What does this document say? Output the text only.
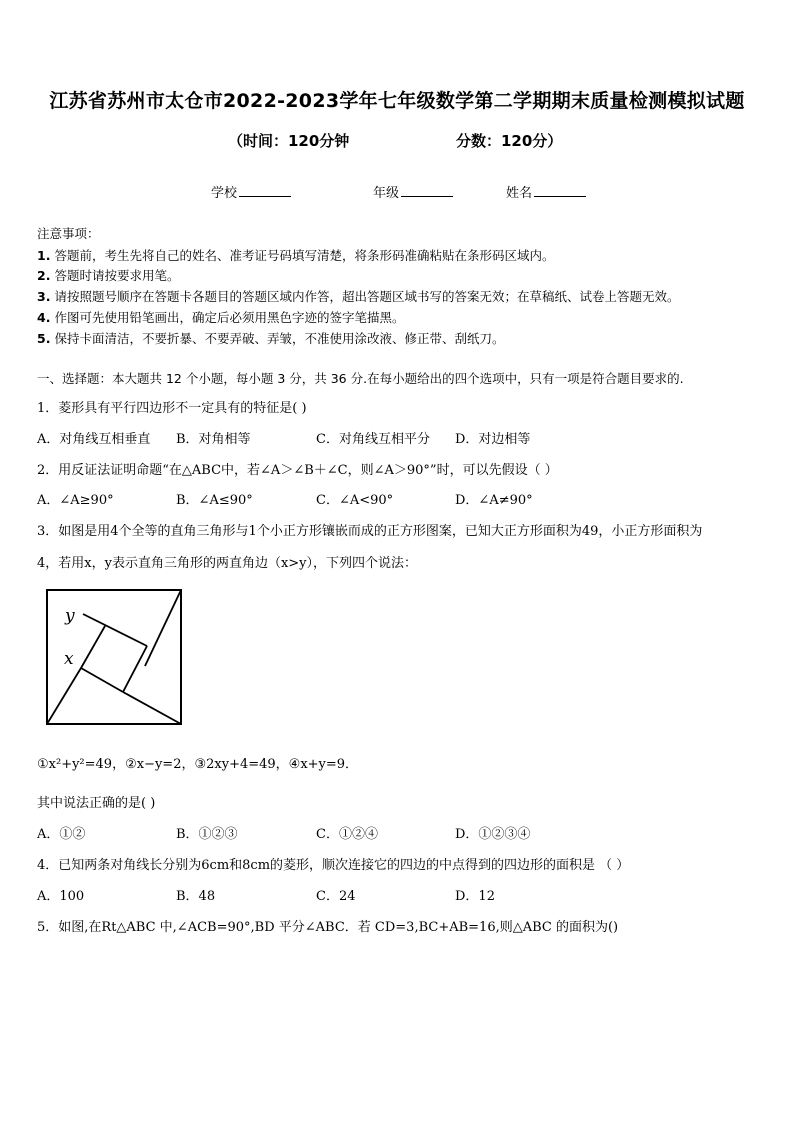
江苏省苏州市太仓市2022-2023学年七年级数学第二学期期末质量检测模拟试题
（时间：120分钟	分数：120分）
学校	年级	姓名
注意事项：
1. 答题前，考生先将自己的姓名、准考证号码填写清楚，将条形码准确粘贴在条形码区域内。
2. 答题时请按要求用笔。
3. 请按照题号顺序在答题卡各题目的答题区域内作答，超出答题区域书写的答案无效；在草稿纸、试卷上答题无效。
4. 作图可先使用铅笔画出，确定后必须用黑色字迹的签字笔描黑。
5. 保持卡面清洁，不要折暴、不要弄破、弄皱，不准使用涂改液、修正带、刮纸刀。
一、选择题：本大题共 12 个小题，每小题 3 分，共 36 分.在每小题给出的四个选项中，只有一项是符合题目要求的.
1．菱形具有平行四边形不一定具有的特征是( )
A．对角线互相垂直 B．对角相等	C．对角线互相平分 D．对边相等
2．用反证法证明命题“在△ABC中，若∠A＞∠B＋∠C，则∠A＞90°”时，可以先假设（ ）
A．∠A≥90°	B．∠A≤90°	C．∠A<90°	D．∠A≠90°
3．如图是用4个全等的直角三角形与1个小正方形镶嵌而成的正方形图案，已知大正方形面积为49，小正方形面积为
4，若用x，y表示直角三角形的两直角边（x>y），下列四个说法：
y
x
①x²+y²=49，②x−y=2，③2xy+4=49，④x+y=9．
其中说法正确的是( )
A．①②	B．①②③	C．①②④	D．①②③④
4．已知两条对角线长分别为6cm和8cm的菱形，顺次连接它的四边的中点得到的四边形的面积是 （ ）
A．100	B．48	C．24	D．12
5．如图,在Rt△ABC 中,∠ACB=90°,BD 平分∠ABC．若 CD=3,BC+AB=16,则△ABC 的面积为()
